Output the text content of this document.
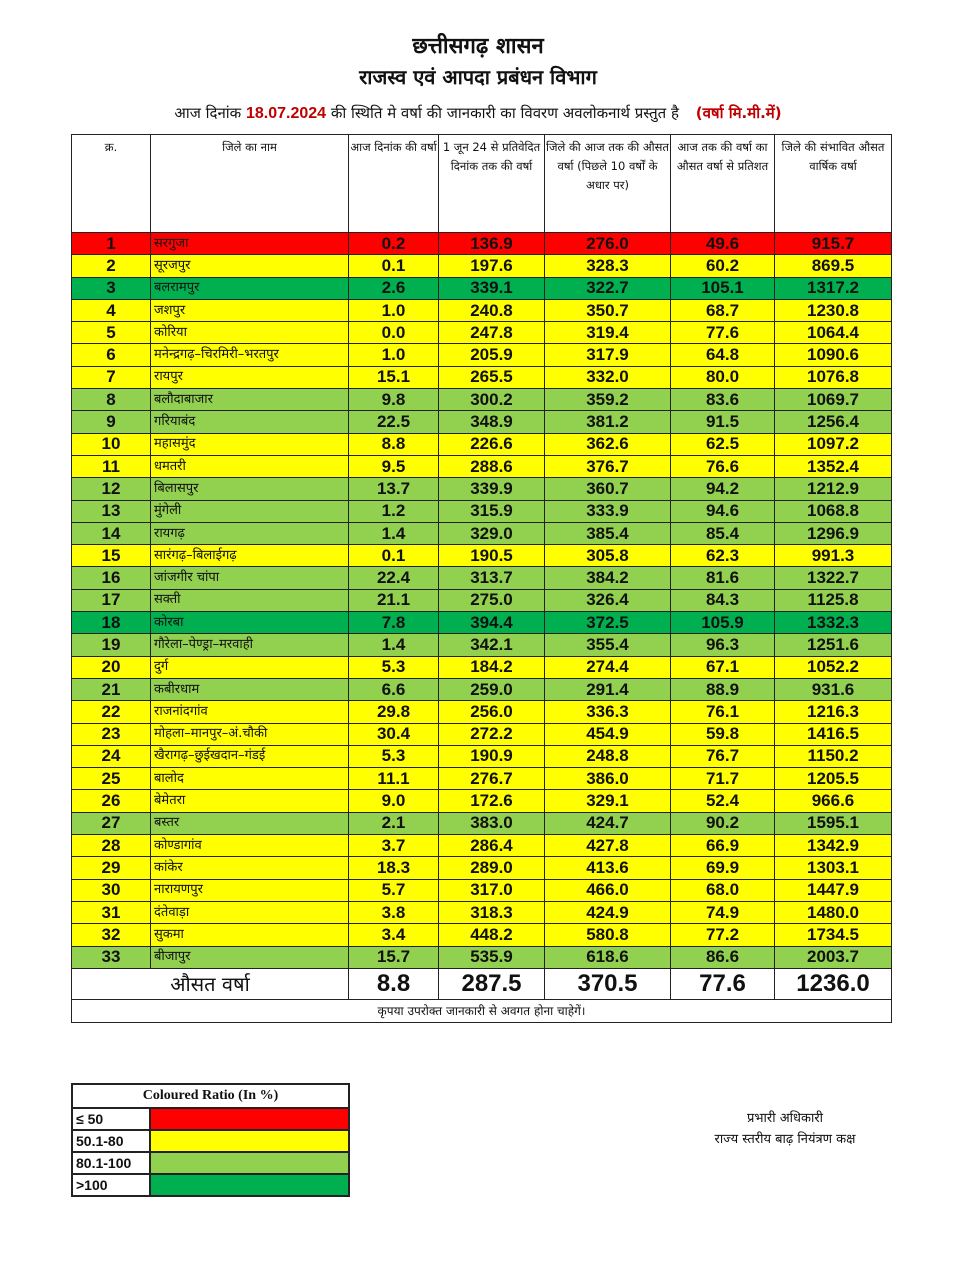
छत्तीसगढ़ शासन
राजस्व एवं आपदा प्रबंधन विभाग
आज दिनांक 18.07.2024 की स्थिति मे वर्षा की जानकारी का विवरण अवलोकनार्थ प्रस्तुत है (वर्षा मि.मी.में)
क्र.	जिले का नाम	आज दिनांक की वर्षा	1 जून 24 से प्रतिवेदित दिनांक तक की वर्षा	जिले की आज तक की औसत वर्षा (पिछले 10 वर्षों के अधार पर)	आज तक की वर्षा का औसत वर्षा से प्रतिशत	जिले की संभावित औसत वार्षिक वर्षा
1	सरगुजा	0.2	136.9	276.0	49.6	915.7
2	सूरजपुर	0.1	197.6	328.3	60.2	869.5
3	बलरामपुर	2.6	339.1	322.7	105.1	1317.2
4	जशपुर	1.0	240.8	350.7	68.7	1230.8
5	कोरिया	0.0	247.8	319.4	77.6	1064.4
6	मनेन्द्रगढ़–चिरमिरी–भरतपुर	1.0	205.9	317.9	64.8	1090.6
7	रायपुर	15.1	265.5	332.0	80.0	1076.8
8	बलौदाबाजार	9.8	300.2	359.2	83.6	1069.7
9	गरियाबंद	22.5	348.9	381.2	91.5	1256.4
10	महासमुंद	8.8	226.6	362.6	62.5	1097.2
11	धमतरी	9.5	288.6	376.7	76.6	1352.4
12	बिलासपुर	13.7	339.9	360.7	94.2	1212.9
13	मुंगेली	1.2	315.9	333.9	94.6	1068.8
14	रायगढ़	1.4	329.0	385.4	85.4	1296.9
15	सारंगढ़–बिलाईगढ़	0.1	190.5	305.8	62.3	991.3
16	जांजगीर चांपा	22.4	313.7	384.2	81.6	1322.7
17	सक्ती	21.1	275.0	326.4	84.3	1125.8
18	कोरबा	7.8	394.4	372.5	105.9	1332.3
19	गौरेला–पेण्ड्रा–मरवाही	1.4	342.1	355.4	96.3	1251.6
20	दुर्ग	5.3	184.2	274.4	67.1	1052.2
21	कबीरधाम	6.6	259.0	291.4	88.9	931.6
22	राजनांदगांव	29.8	256.0	336.3	76.1	1216.3
23	मोहला–मानपुर–अं.चौकी	30.4	272.2	454.9	59.8	1416.5
24	खैरागढ़–छुईखदान–गंडई	5.3	190.9	248.8	76.7	1150.2
25	बालोद	11.1	276.7	386.0	71.7	1205.5
26	बेमेतरा	9.0	172.6	329.1	52.4	966.6
27	बस्तर	2.1	383.0	424.7	90.2	1595.1
28	कोण्डागांव	3.7	286.4	427.8	66.9	1342.9
29	कांकेर	18.3	289.0	413.6	69.9	1303.1
30	नारायणपुर	5.7	317.0	466.0	68.0	1447.9
31	दंतेवाड़ा	3.8	318.3	424.9	74.9	1480.0
32	सुकमा	3.4	448.2	580.8	77.2	1734.5
33	बीजापुर	15.7	535.9	618.6	86.6	2003.7
औसत वर्षा		8.8	287.5	370.5	77.6	1236.0
कृपया उपरोक्त जानकारी से अवगत होना चाहेगें।						
Coloured Ratio (In %)	
≤ 50	
50.1-80	
80.1-100	
>100	
प्रभारी अधिकारी
राज्य स्तरीय बाढ़ नियंत्रण कक्ष
